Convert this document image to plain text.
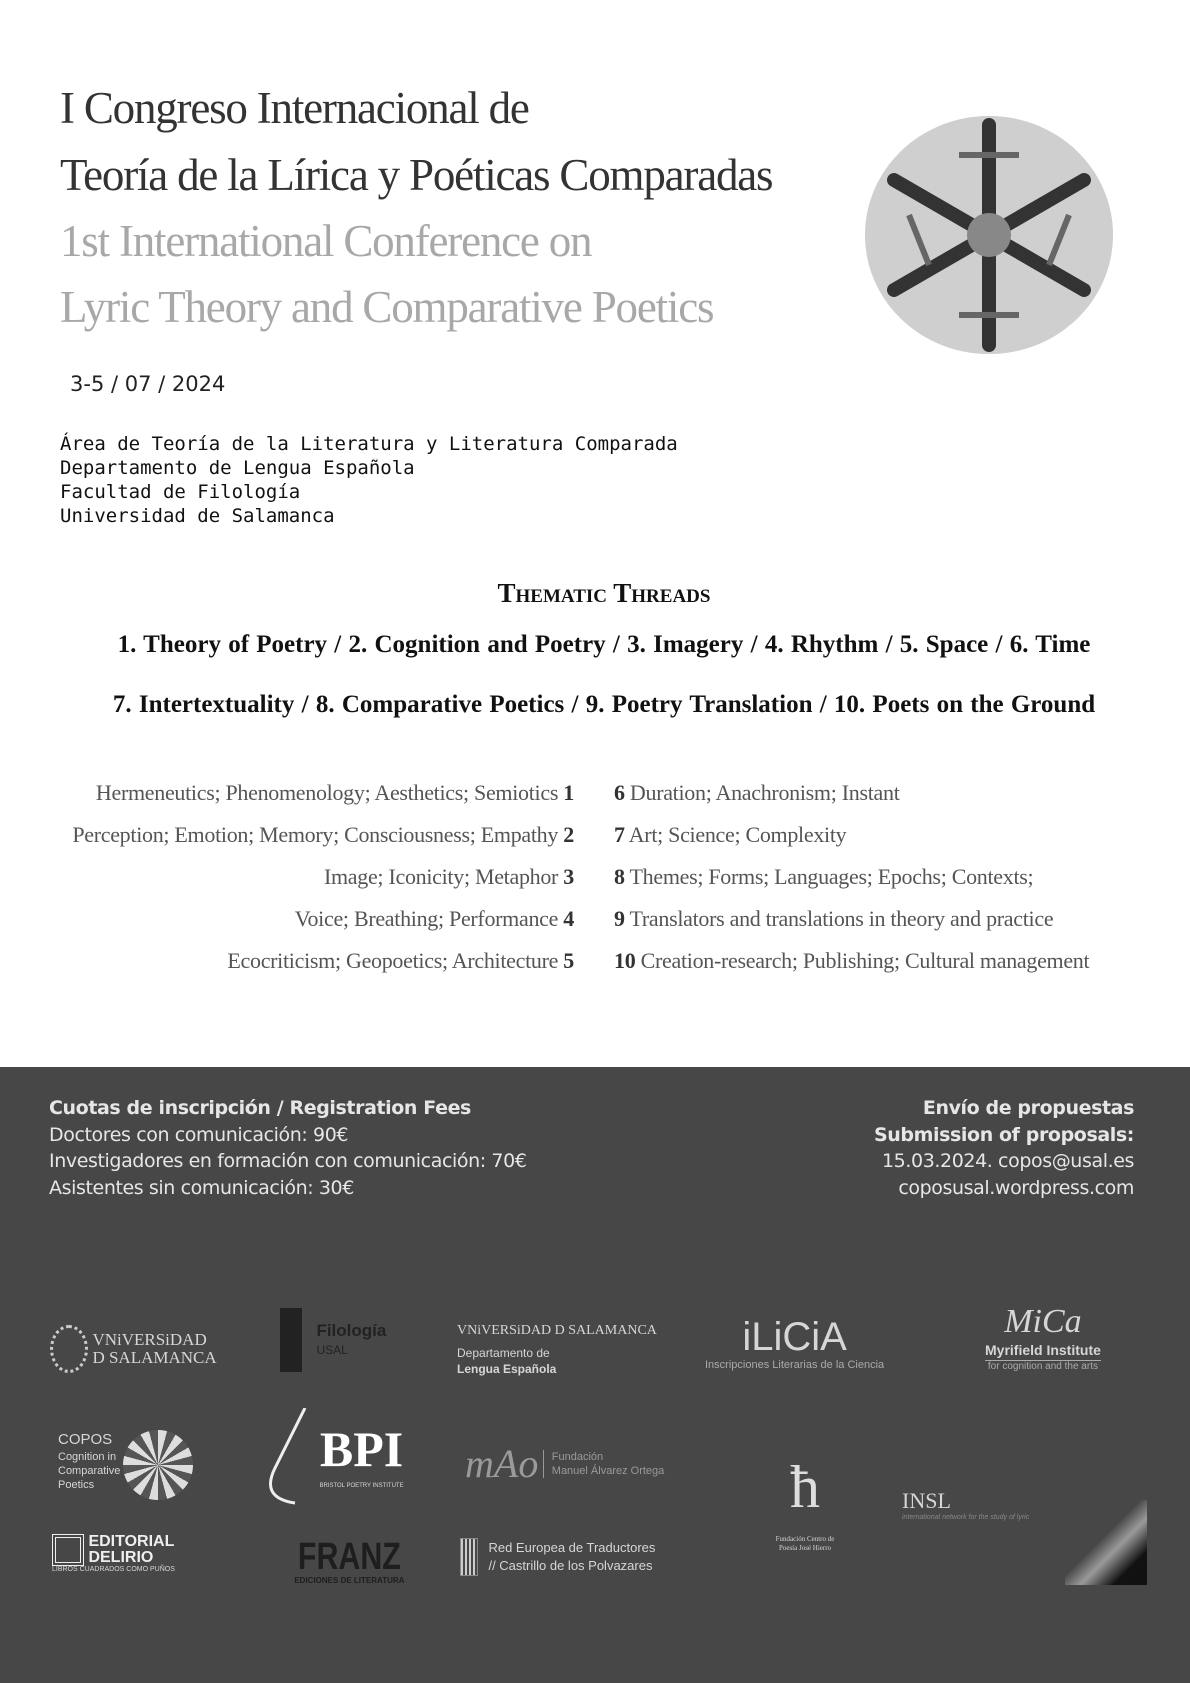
I Congreso Internacional de
Teoría de la Lírica y Poéticas Comparadas
1st International Conference on
Lyric Theory and Comparative Poetics
3-5 / 07 / 2024
Área de Teoría de la Literatura y Literatura Comparada
Departamento de Lengua Española
Facultad de Filología
Universidad de Salamanca
Thematic Threads
1. Theory of Poetry / 2. Cognition and Poetry / 3. Imagery / 4. Rhythm / 5. Space / 6. Time
7. Intertextuality / 8. Comparative Poetics / 9. Poetry Translation / 10. Poets on the Ground
Hermeneutics; Phenomenology; Aesthetics; Semiotics 1
Perception; Emotion; Memory; Consciousness; Empathy 2
Image; Iconicity; Metaphor 3
Voice; Breathing; Performance 4
Ecocriticism; Geopoetics; Architecture 5
6 Duration; Anachronism; Instant
7 Art; Science; Complexity
8 Themes; Forms; Languages; Epochs; Contexts;
9 Translators and translations in theory and practice
10 Creation-research; Publishing; Cultural management
Cuotas de inscripción / Registration Fees
Doctores con comunicación: 90€
Investigadores en formación con comunicación: 70€
Asistentes sin comunicación: 30€
Envío de propuestas
Submission of proposals:
15.03.2024. copos@usal.es
coposusal.wordpress.com
VNiVERSiDAD D SALAMANCA

Filología
USAL
VNiVERSiDAD D SALAMANCA
Departamento de
Lengua Española
iLiCiA
Inscripciones Literarias de la Ciencia
MiCa
Myrifield Institute
for cognition and the arts
COPOS
Cognition in Comparative Poetics

BPI
BRISTOL POETRY INSTITUTE mAo Fundación
Manuel Álvarez Ortega	ħ
Fundación Centro de Poesía José Hierro
INSL
international network for the study of lyric

EDITORIAL
DELIRIO
LIBROS CUADRADOS COMO PUÑOS	FRANZ
EDICIONES DE LITERATURA

Red Europea de Traductores
// Castrillo de los Polvazares
